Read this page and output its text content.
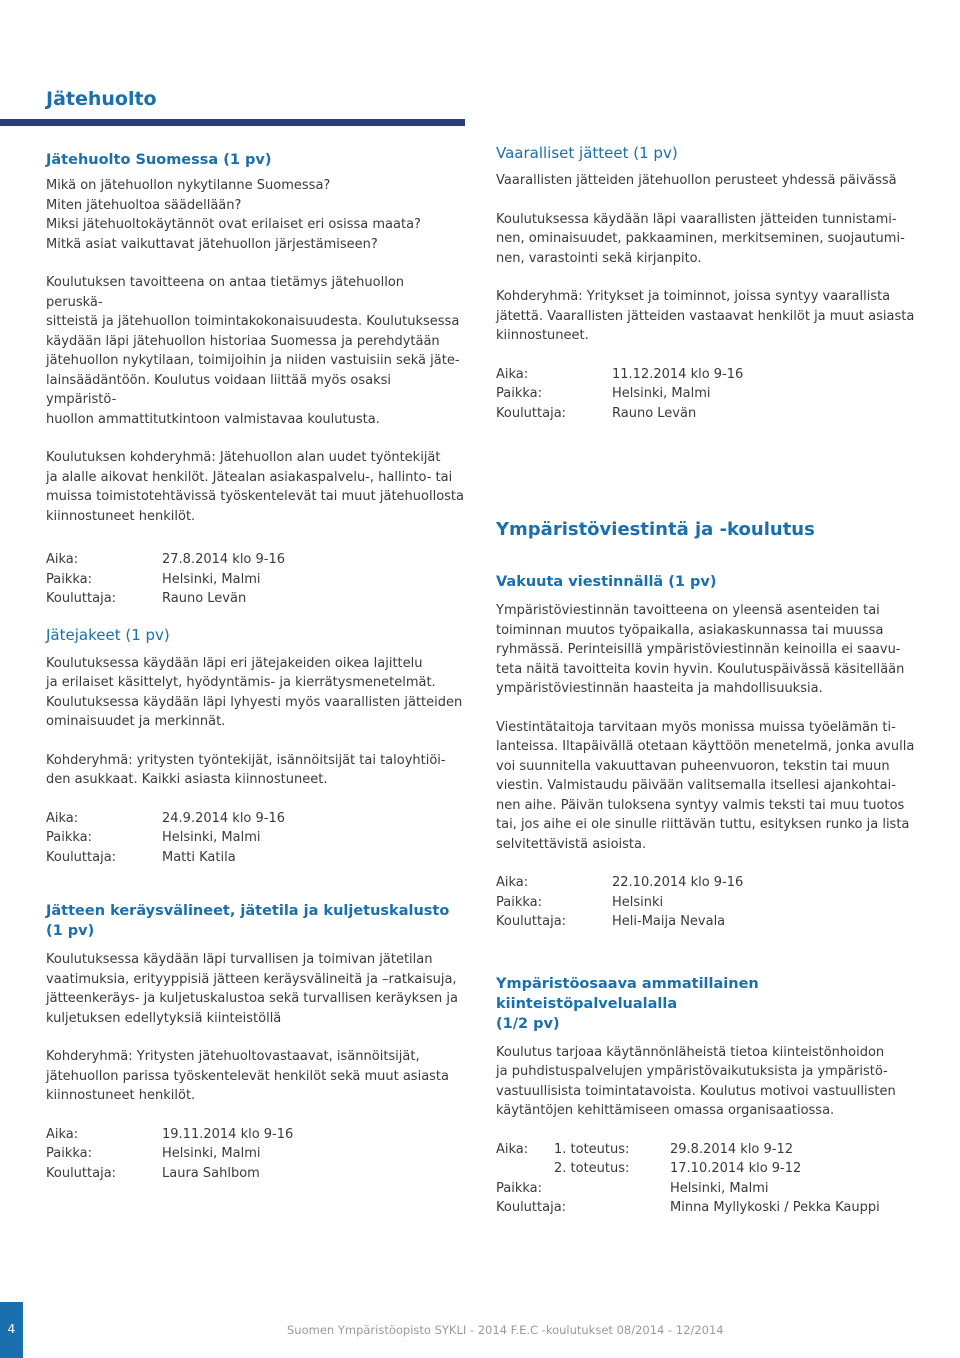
Jätehuolto
Jätehuolto Suomessa (1 pv)

Mikä on jätehuollon nykytilanne Suomessa?

Miten jätehuoltoa säädellään?

Miksi jätehuoltokäytännöt ovat erilaiset eri osissa maata?

Mitkä asiat vaikuttavat jätehuollon järjestämiseen?

Koulutuksen tavoitteena on antaa tietämys jätehuollon peruskä-

sitteistä ja jätehuollon toimintakokonaisuudesta. Koulutuksessa

käydään läpi jätehuollon historiaa Suomessa ja perehdytään

jätehuollon nykytilaan, toimijoihin ja niiden vastuisiin sekä jäte-

lainsäädäntöön. Koulutus voidaan liittää myös osaksi ympäristö-

huollon ammattitutkintoon valmistavaa koulutusta.

Koulutuksen kohderyhmä: Jätehuollon alan uudet työntekijät

ja alalle aikovat henkilöt. Jätealan asiakaspalvelu-, hallinto- tai

muissa toimistotehtävissä työskentelevät tai muut jätehuollosta

kiinnostuneet henkilöt.

Aika:	27.8.2014 klo 9-16
Paikka:	Helsinki, Malmi
Kouluttaja:	Rauno Levän
Jätejakeet (1 pv)

Koulutuksessa käydään läpi eri jätejakeiden oikea lajittelu

ja erilaiset käsittelyt, hyödyntämis- ja kierrätysmenetelmät.

Koulutuksessa käydään läpi lyhyesti myös vaarallisten jätteiden

ominaisuudet ja merkinnät.

Kohderyhmä: yritysten työntekijät, isännöitsijät tai taloyhtiöi-

den asukkaat. Kaikki asiasta kiinnostuneet.

Aika:	24.9.2014 klo 9-16
Paikka:	Helsinki, Malmi
Kouluttaja:	Matti Katila
Jätteen keräysvälineet, jätetila ja kuljetuskalusto (1 pv)

Koulutuksessa käydään läpi turvallisen ja toimivan jätetilan

vaatimuksia, erityyppisiä jätteen keräysvälineitä ja –ratkaisuja,

jätteenkeräys- ja kuljetuskalustoa sekä turvallisen keräyksen ja

kuljetuksen edellytyksiä kiinteistöllä

Kohderyhmä: Yritysten jätehuoltovastaavat, isännöitsijät,

jätehuollon parissa työskentelevät henkilöt sekä muut asiasta

kiinnostuneet henkilöt.

Aika:	19.11.2014 klo 9-16
Paikka:	Helsinki, Malmi
Kouluttaja:	Laura Sahlbom
Vaaralliset jätteet (1 pv)

Vaarallisten jätteiden jätehuollon perusteet yhdessä päivässä

Koulutuksessa käydään läpi vaarallisten jätteiden tunnistami-

nen, ominaisuudet, pakkaaminen, merkitseminen, suojautumi-

nen, varastointi sekä kirjanpito.

Kohderyhmä: Yritykset ja toiminnot, joissa syntyy vaarallista

jätettä. Vaarallisten jätteiden vastaavat henkilöt ja muut asiasta

kiinnostuneet.

Aika:	11.12.2014 klo 9-16
Paikka:	Helsinki, Malmi
Kouluttaja:	Rauno Levän
Ympäristöviestintä ja -koulutus
Vakuuta viestinnällä (1 pv)

Ympäristöviestinnän tavoitteena on yleensä asenteiden tai

toiminnan muutos työpaikalla, asiakaskunnassa tai muussa

ryhmässä. Perinteisillä ympäristöviestinnän keinoilla ei saavu-

teta näitä tavoitteita kovin hyvin. Koulutuspäivässä käsitellään

ympäristöviestinnän haasteita ja mahdollisuuksia.

Viestintätaitoja tarvitaan myös monissa muissa työelämän ti-

lanteissa. Iltapäivällä otetaan käyttöön menetelmä, jonka avulla

voi suunnitella vakuuttavan puheenvuoron, tekstin tai muun

viestin. Valmistaudu päivään valitsemalla itsellesi ajankohtai-

nen aihe. Päivän tuloksena syntyy valmis teksti tai muu tuotos

tai, jos aihe ei ole sinulle riittävän tuttu, esityksen runko ja lista

selvitettävistä asioista.

Aika:	22.10.2014 klo 9-16
Paikka:	Helsinki
Kouluttaja:	Heli-Maija Nevala
Ympäristöosaava ammatillainen kiinteistöpalvelualalla
(1/2 pv)

Koulutus tarjoaa käytännönläheistä tietoa kiinteistönhoidon

ja puhdistuspalvelujen ympäristövaikutuksista ja ympäristö-

vastuullisista toimintatavoista. Koulutus motivoi vastuullisten

käytäntöjen kehittämiseen omassa organisaatiossa.

Aika:	1. toteutus:	29.8.2014 klo 9-12
2. toteutus:	17.10.2014 klo 9-12
Paikka:	Helsinki, Malmi
Kouluttaja:	Minna Myllykoski / Pekka Kauppi
4	Suomen Ympäristöopisto SYKLI - 2014 F.E.C -koulutukset 08/2014 - 12/2014
